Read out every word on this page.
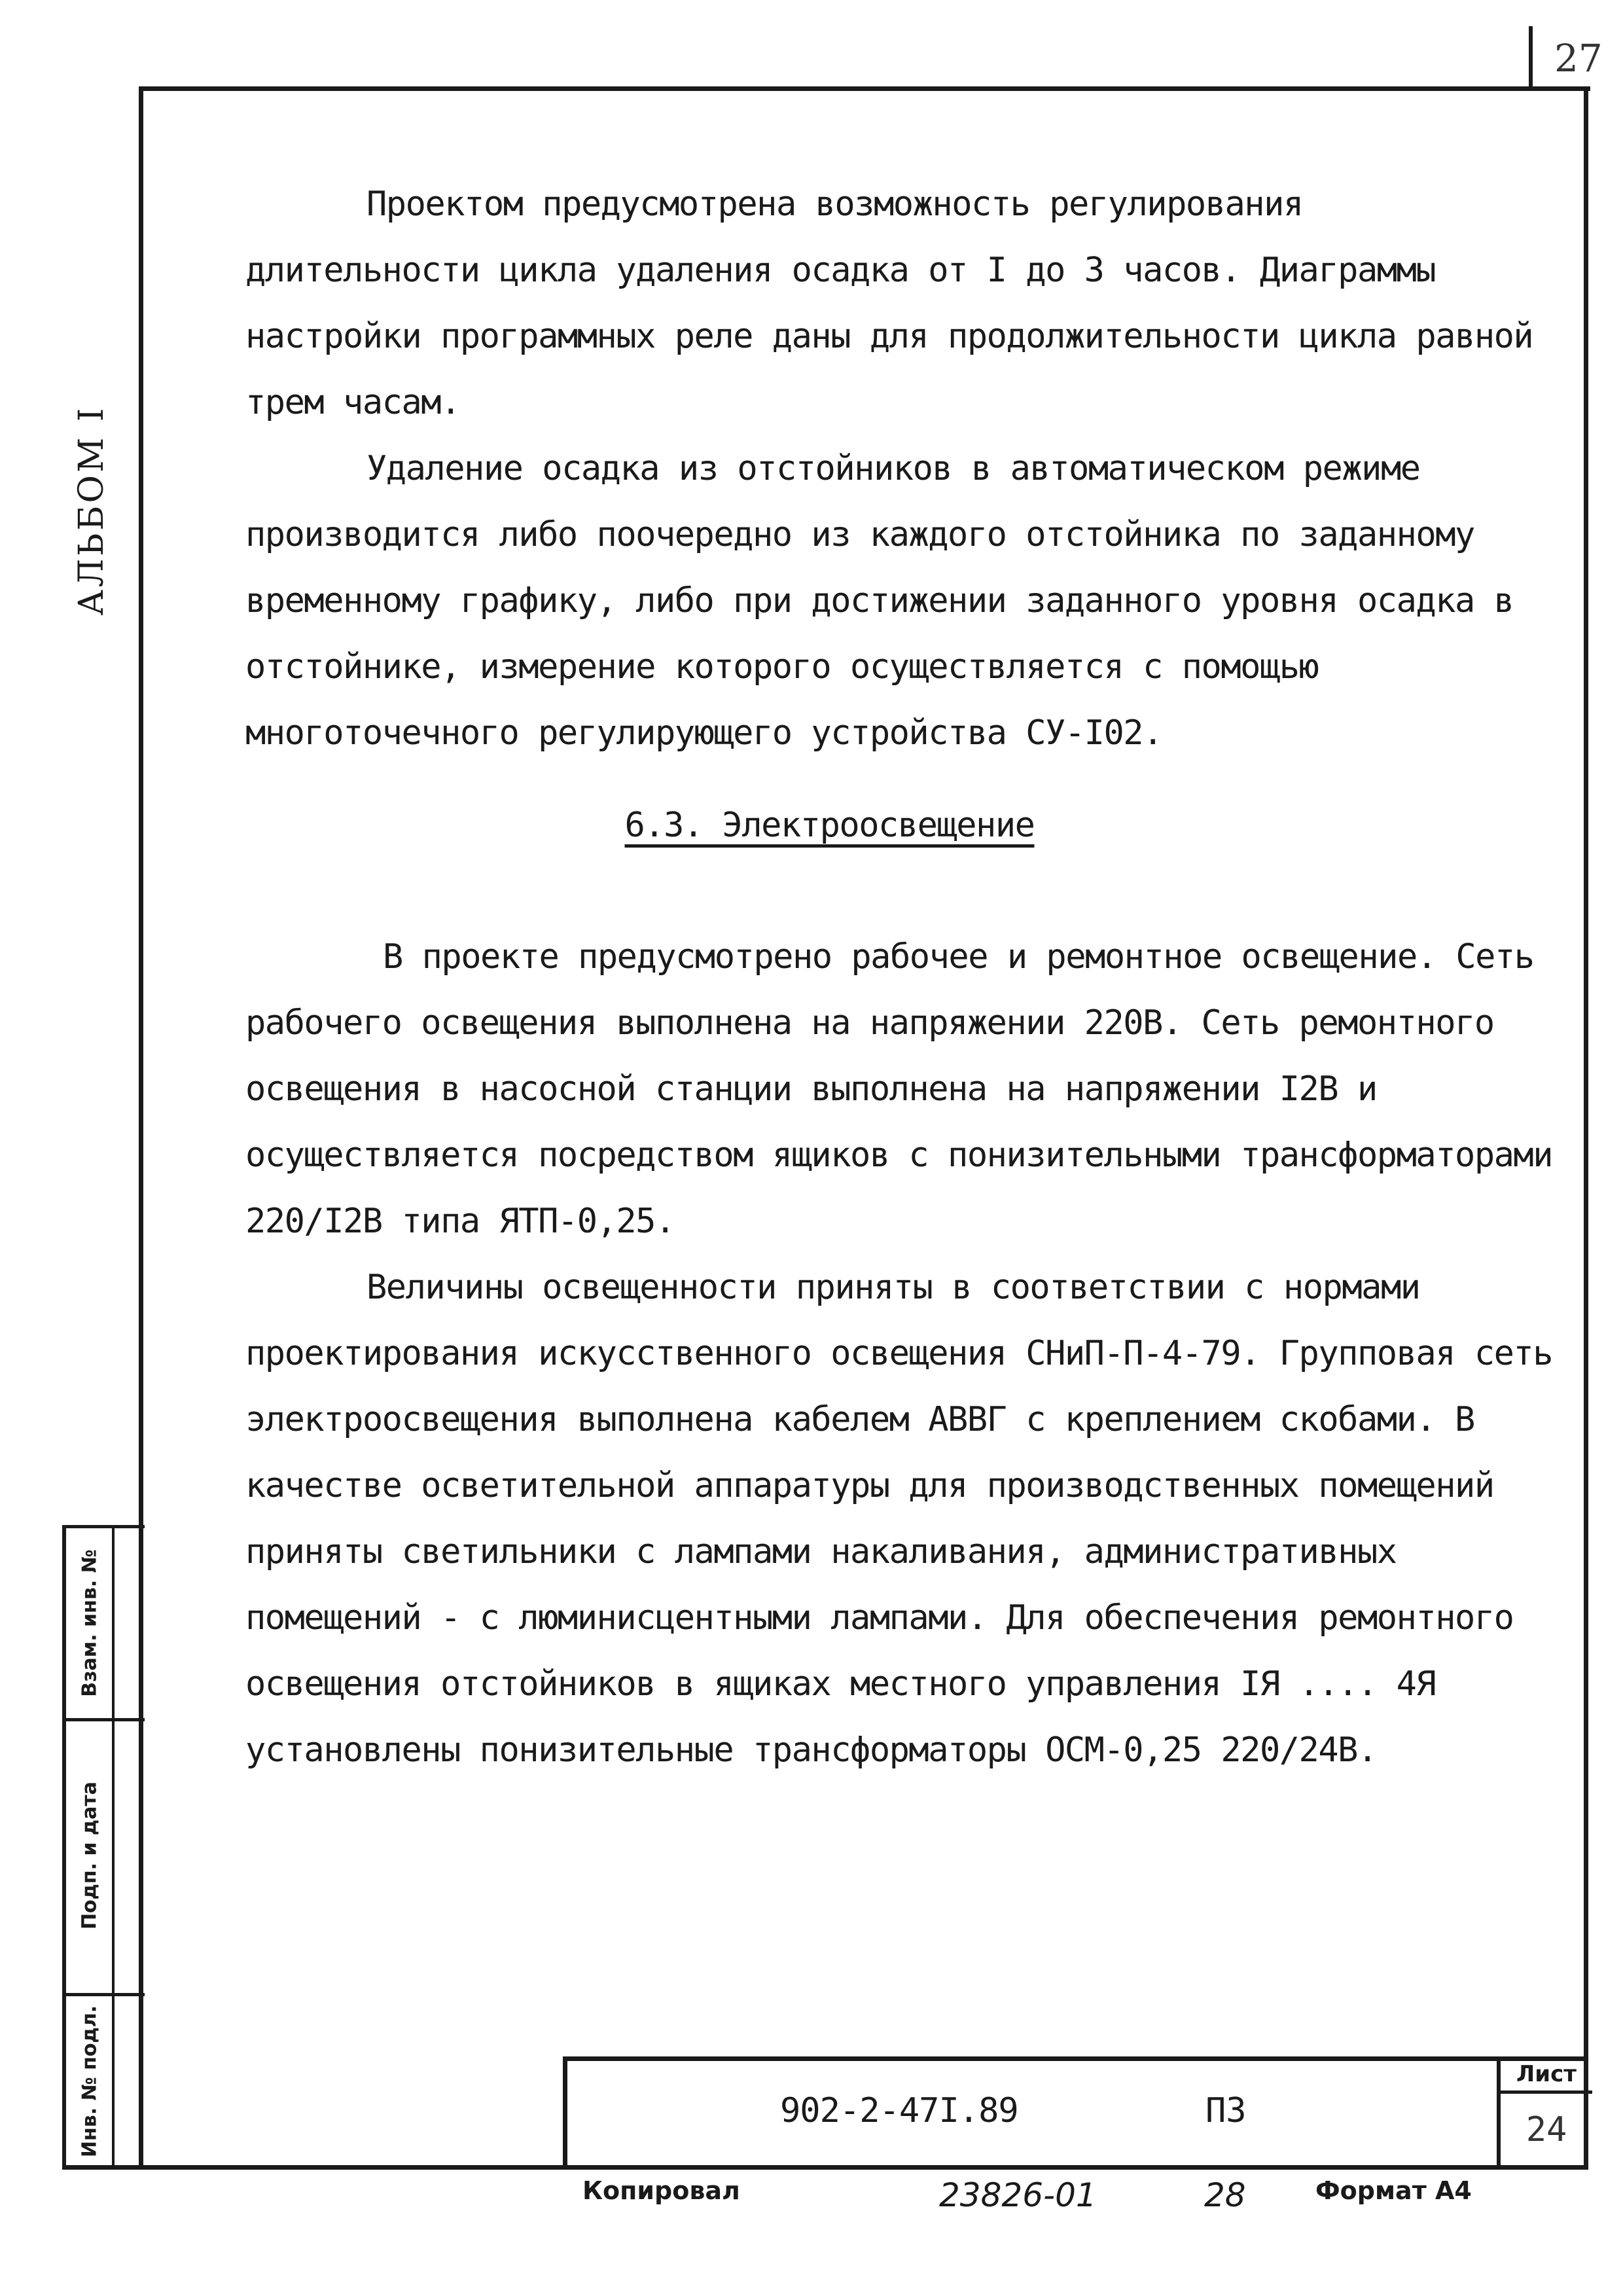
27
АЛЬБОМ I
Взам. инв. №
Подп. и дата
Инв. № подл.

Проектом предусмотрена возможность регулирования длительности цикла удаления осадка от I до 3 часов. Диаграммы настройки программных реле даны для продолжительности цикла равной трем часам.

Удаление осадка из отстойников в автоматическом режиме производится либо поочередно из каждого отстойника по заданному временному графику, либо при достижении заданного уровня осадка в отстойнике, измерение которого осуществляется с помощью многоточечного регулирующего устройства СУ-I02.

6.3. Электроосвещение

В проекте предусмотрено рабочее и ремонтное освещение. Сеть рабочего освещения выполнена на напряжении 220В. Сеть ремонтного освещения в насосной станции выполнена на напряжении I2В и осуществляется посредством ящиков с понизительными трансформаторами 220/I2В типа ЯТП-0,25.

Величины освещенности приняты в соответствии с нормами проектирования искусственного освещения СНиП-П-4-79. Групповая сеть электроосвещения выполнена кабелем АВВГ с креплением скобами. В качестве осветительной аппаратуры для производственных помещений приняты светильники с лампами накаливания, административных помещений - с люминисцентными лампами. Для обеспечения ремонтного освещения отстойников в ящиках местного управления IЯ .... 4Я установлены понизительные трансформаторы ОСМ-0,25 220/24В.

902-2-47I.89	ПЗ
Лист
24
Копировал	23826-01	28	Формат А4
